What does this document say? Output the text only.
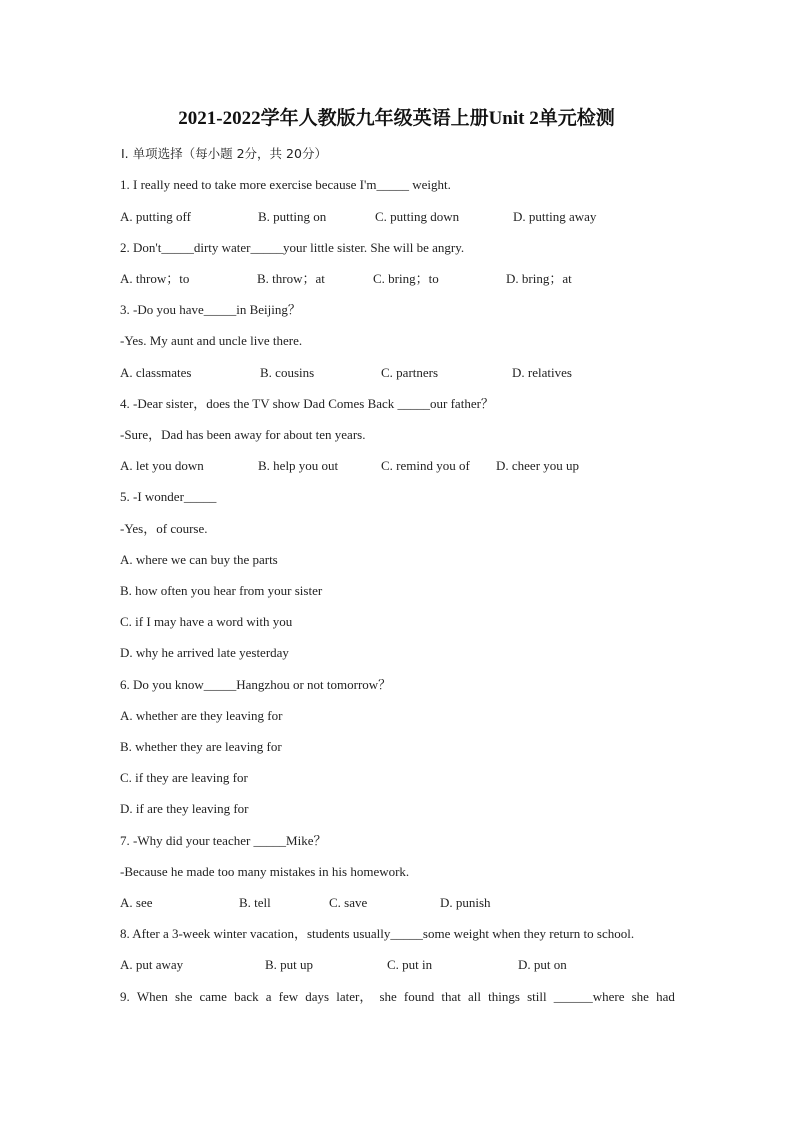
2021-2022学年人教版九年级英语上册Unit 2单元检测
Ⅰ. 单项选择（每小题 2分，共 20分）
1. I really need to take more exercise because I'm_____ weight.
A. putting off	B. putting on	C. putting down	D. putting away
2. Don't_____dirty water_____your little sister. She will be angry.
A. throw；to	B. throw；at	C. bring；to	D. bring；at
3. -Do you have_____in Beijing？
-Yes. My aunt and uncle live there.
A. classmates	B. cousins	C. partners	D. relatives
4. -Dear sister，does the TV show Dad Comes Back _____our father？
-Sure，Dad has been away for about ten years.
A. let you down	B. help you out	C. remind you of D. cheer you up
5. -I wonder_____
-Yes，of course.
A. where we can buy the parts
B. how often you hear from your sister
C. if I may have a word with you
D. why he arrived late yesterday
6. Do you know_____Hangzhou or not tomorrow？
A. whether are they leaving for
B. whether they are leaving for
C. if they are leaving for
D. if are they leaving for
7. -Why did your teacher _____Mike？
-Because he made too many mistakes in his homework.
A. see	B. tell	C. save	D. punish
8. After a 3-week winter vacation，students usually_____some weight when they return to school.
A. put away	B. put up	C. put in	D. put on
9. When she came back a few days later， she found that all things still ______where she had
